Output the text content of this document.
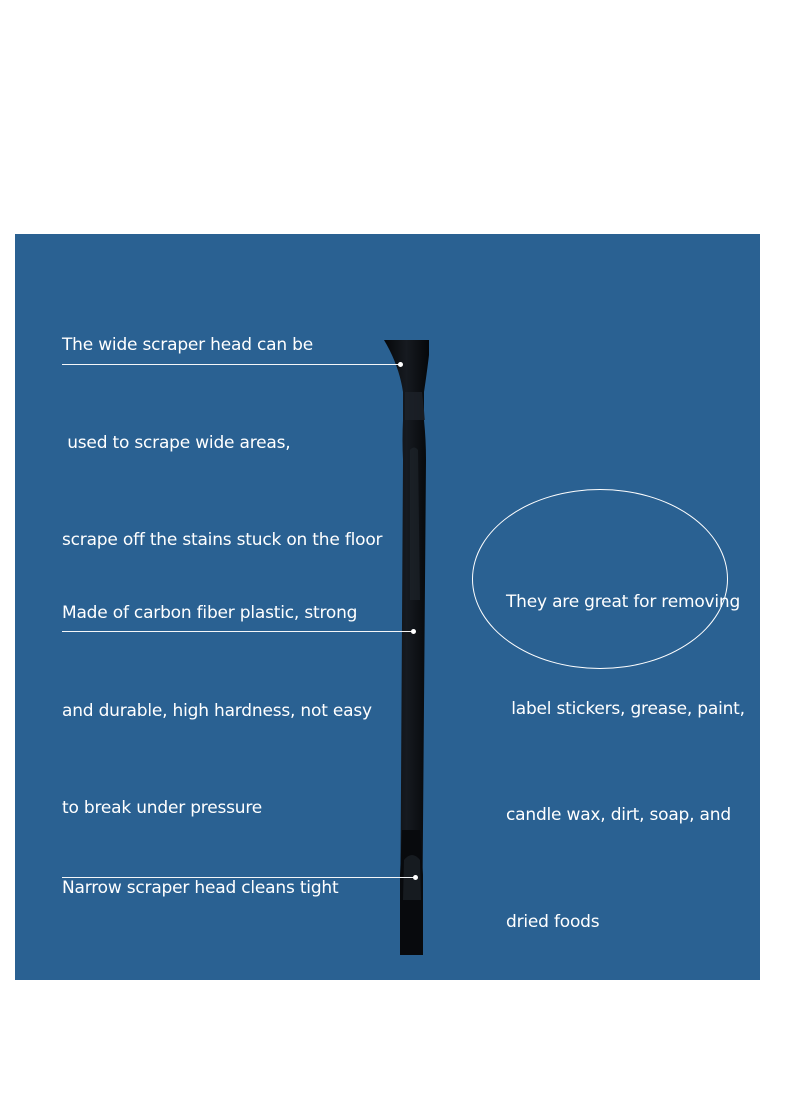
The wide scraper head can be

used to scrape wide areas,

scrape off the stains stuck on the floor

Made of carbon fiber plastic, strong

and durable, high hardness, not easy

to break under pressure

Narrow scraper head cleans tight

corners

They are great for removing

label stickers, grease, paint,

candle wax, dirt, soap, and

dried foods
